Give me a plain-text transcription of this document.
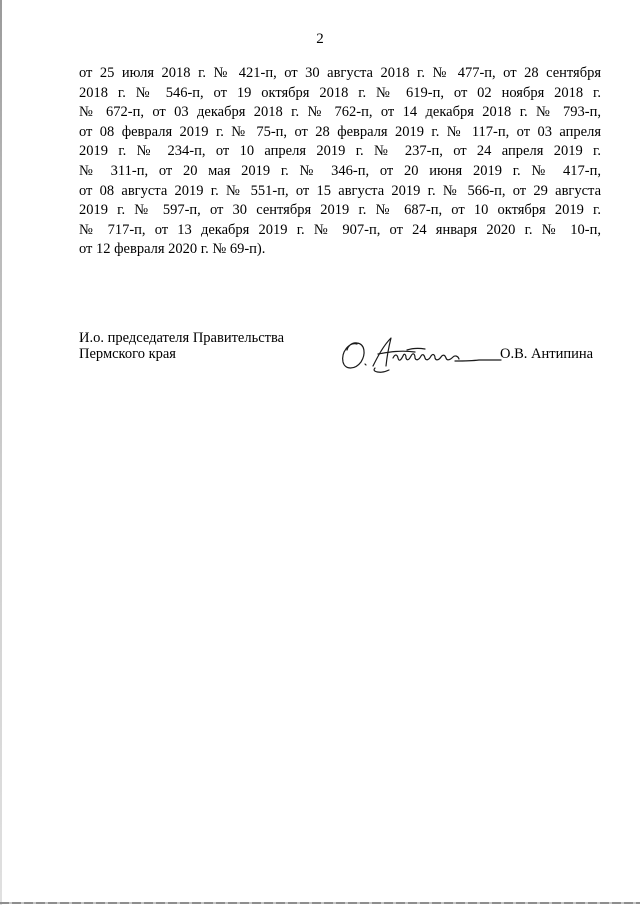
2
от 25 июля 2018 г. № 421-п, от 30 августа 2018 г. № 477-п, от 28 сентября
2018 г. № 546-п, от 19 октября 2018 г. № 619-п, от 02 ноября 2018 г.
№ 672-п, от 03 декабря 2018 г. № 762-п, от 14 декабря 2018 г. № 793-п,
от 08 февраля 2019 г. № 75-п, от 28 февраля 2019 г. № 117-п, от 03 апреля
2019 г. № 234-п, от 10 апреля 2019 г. № 237-п, от 24 апреля 2019 г.
№ 311-п, от 20 мая 2019 г. № 346-п, от 20 июня 2019 г. № 417-п,
от 08 августа 2019 г. № 551-п, от 15 августа 2019 г. № 566-п, от 29 августа
2019 г. № 597-п, от 30 сентября 2019 г. № 687-п, от 10 октября 2019 г.
№ 717-п, от 13 декабря 2019 г. № 907-п, от 24 января 2020 г. № 10-п,
от 12 февраля 2020 г. № 69-п).
И.о. председателя Правительства
Пермского края	О.В. Антипина
